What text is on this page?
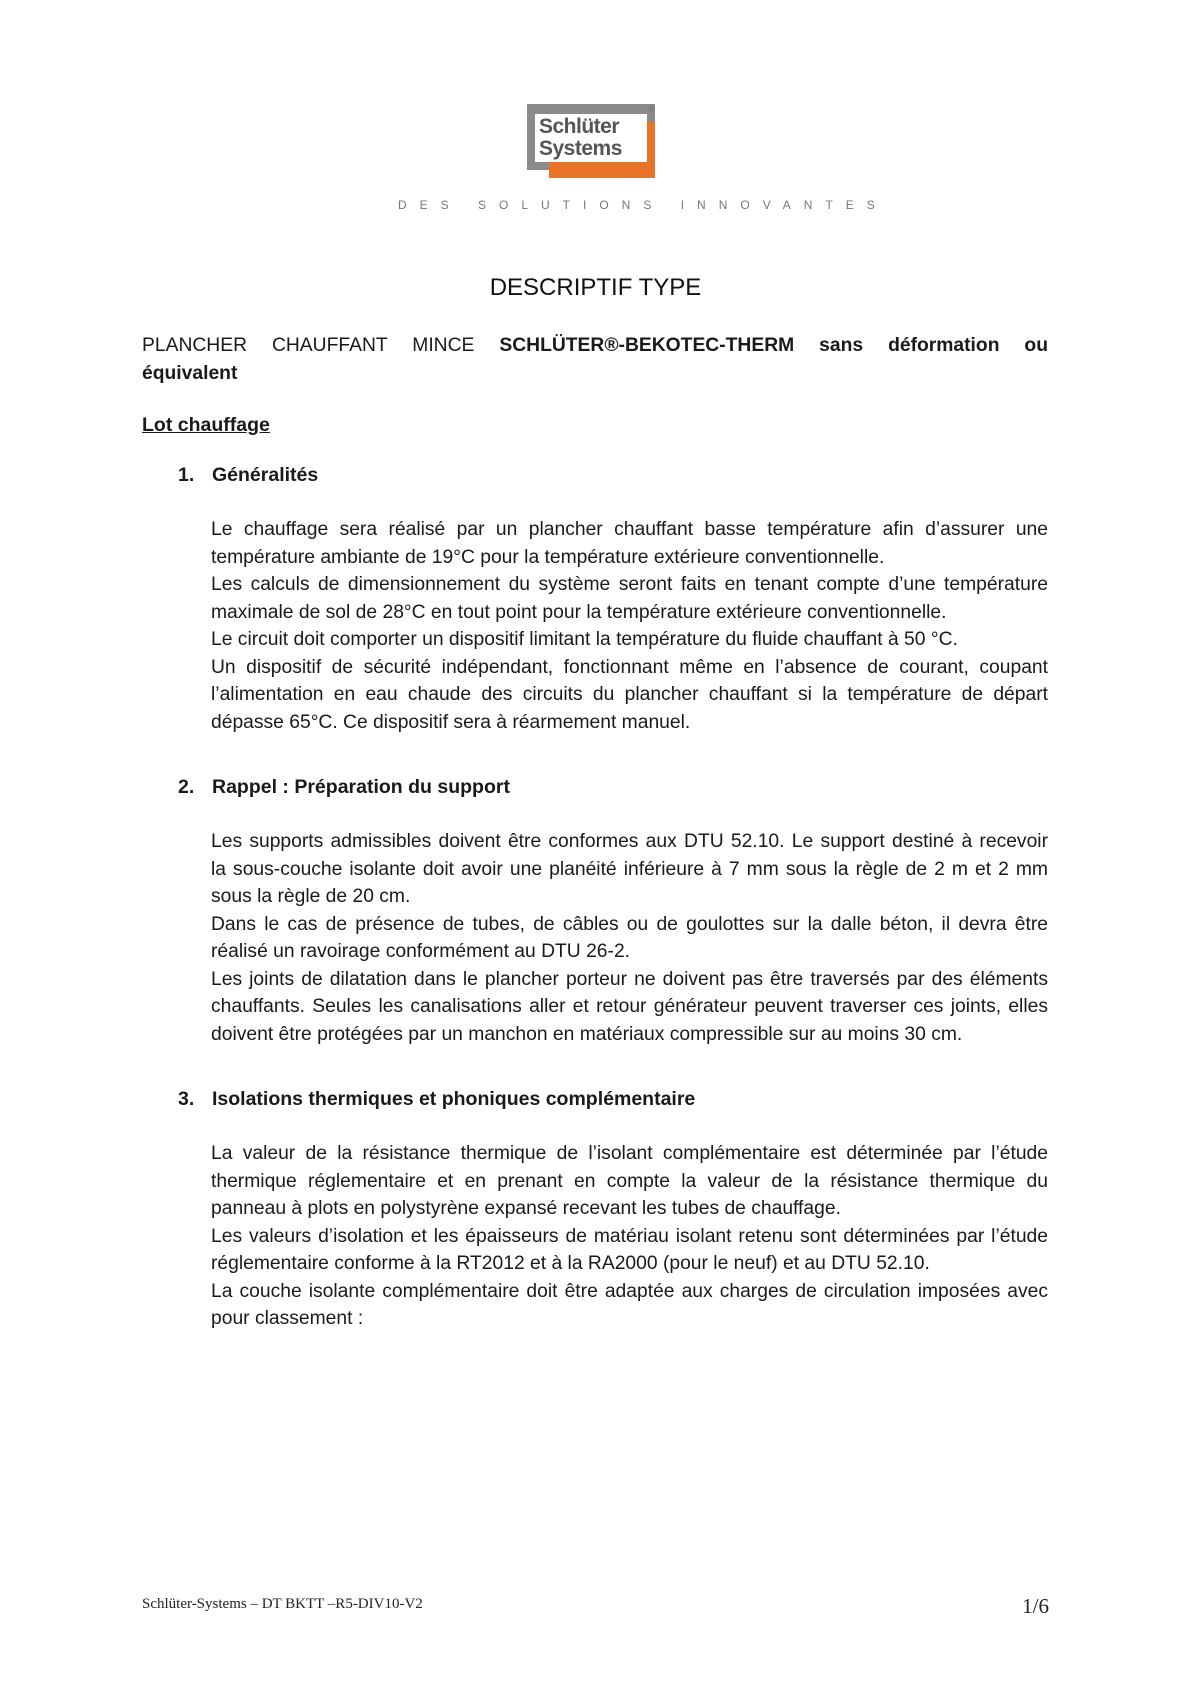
Schlüter
Systems
®
DES SOLUTIONS INNOVANTES
DESCRIPTIF TYPE
PLANCHER CHAUFFANT MINCE SCHLÜTER®-BEKOTEC-THERM sans déformation ou
équivalent
Lot chauffage
1. Généralités
Le chauffage sera réalisé par un plancher chauffant basse température afin d’assurer une
température ambiante de 19°C pour la température extérieure conventionnelle.
Les calculs de dimensionnement du système seront faits en tenant compte d’une température
maximale de sol de 28°C en tout point pour la température extérieure conventionnelle.
Le circuit doit comporter un dispositif limitant la température du fluide chauffant à 50 °C.
Un dispositif de sécurité indépendant, fonctionnant même en l’absence de courant, coupant
l’alimentation en eau chaude des circuits du plancher chauffant si la température de départ
dépasse 65°C. Ce dispositif sera à réarmement manuel.
2. Rappel : Préparation du support
Les supports admissibles doivent être conformes aux DTU 52.10. Le support destiné à recevoir
la sous-couche isolante doit avoir une planéité inférieure à 7 mm sous la règle de 2 m et 2 mm
sous la règle de 20 cm.
Dans le cas de présence de tubes, de câbles ou de goulottes sur la dalle béton, il devra être
réalisé un ravoirage conformément au DTU 26-2.
Les joints de dilatation dans le plancher porteur ne doivent pas être traversés par des éléments
chauffants. Seules les canalisations aller et retour générateur peuvent traverser ces joints, elles
doivent être protégées par un manchon en matériaux compressible sur au moins 30 cm.
3. Isolations thermiques et phoniques complémentaire
La valeur de la résistance thermique de l’isolant complémentaire est déterminée par l’étude
thermique réglementaire et en prenant en compte la valeur de la résistance thermique du
panneau à plots en polystyrène expansé recevant les tubes de chauffage.
Les valeurs d’isolation et les épaisseurs de matériau isolant retenu sont déterminées par l’étude
réglementaire conforme à la RT2012 et à la RA2000 (pour le neuf) et au DTU 52.10.
La couche isolante complémentaire doit être adaptée aux charges de circulation imposées avec
pour classement :
Schlüter-Systems – DT BKTT –R5-DIV10-V2	1/6
